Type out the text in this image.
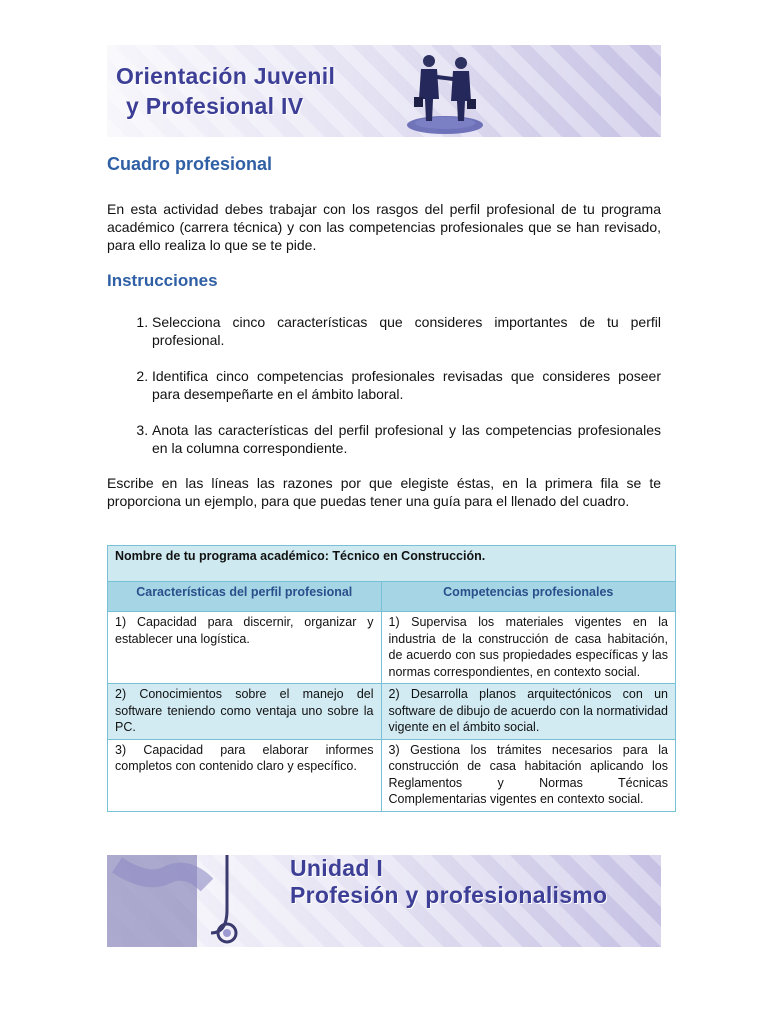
Orientación Juvenil
y Profesional IV
Cuadro profesional

En esta actividad debes trabajar con los rasgos del perfil profesional de tu programa académico (carrera técnica) y con las competencias profesionales que se han revisado, para ello realiza lo que se te pide.

Instrucciones
1. Selecciona cinco características que consideres importantes de tu perfil profesional.
2. Identifica cinco competencias profesionales revisadas que consideres poseer para desempeñarte en el ámbito laboral.
3. Anota las características del perfil profesional y las competencias profesionales en la columna correspondiente.

Escribe en las líneas las razones por que elegiste éstas, en la primera fila se te proporciona un ejemplo, para que puedas tener una guía para el llenado del cuadro.

Nombre de tu programa académico: Técnico en Construcción.	
Características del perfil profesional	Competencias profesionales
1) Capacidad para discernir, organizar y establecer una logística.	1) Supervisa los materiales vigentes en la industria de la construcción de casa habitación, de acuerdo con sus propiedades específicas y las normas correspondientes, en contexto social.
2) Conocimientos sobre el manejo del software teniendo como ventaja uno sobre la PC.	2) Desarrolla planos arquitectónicos con un software de dibujo de acuerdo con la normatividad vigente en el ámbito social.
3) Capacidad para elaborar informes completos con contenido claro y específico.	3) Gestiona los trámites necesarios para la construcción de casa habitación aplicando los Reglamentos y Normas Técnicas Complementarias vigentes en contexto social.
Unidad I
Profesión y profesionalismo
